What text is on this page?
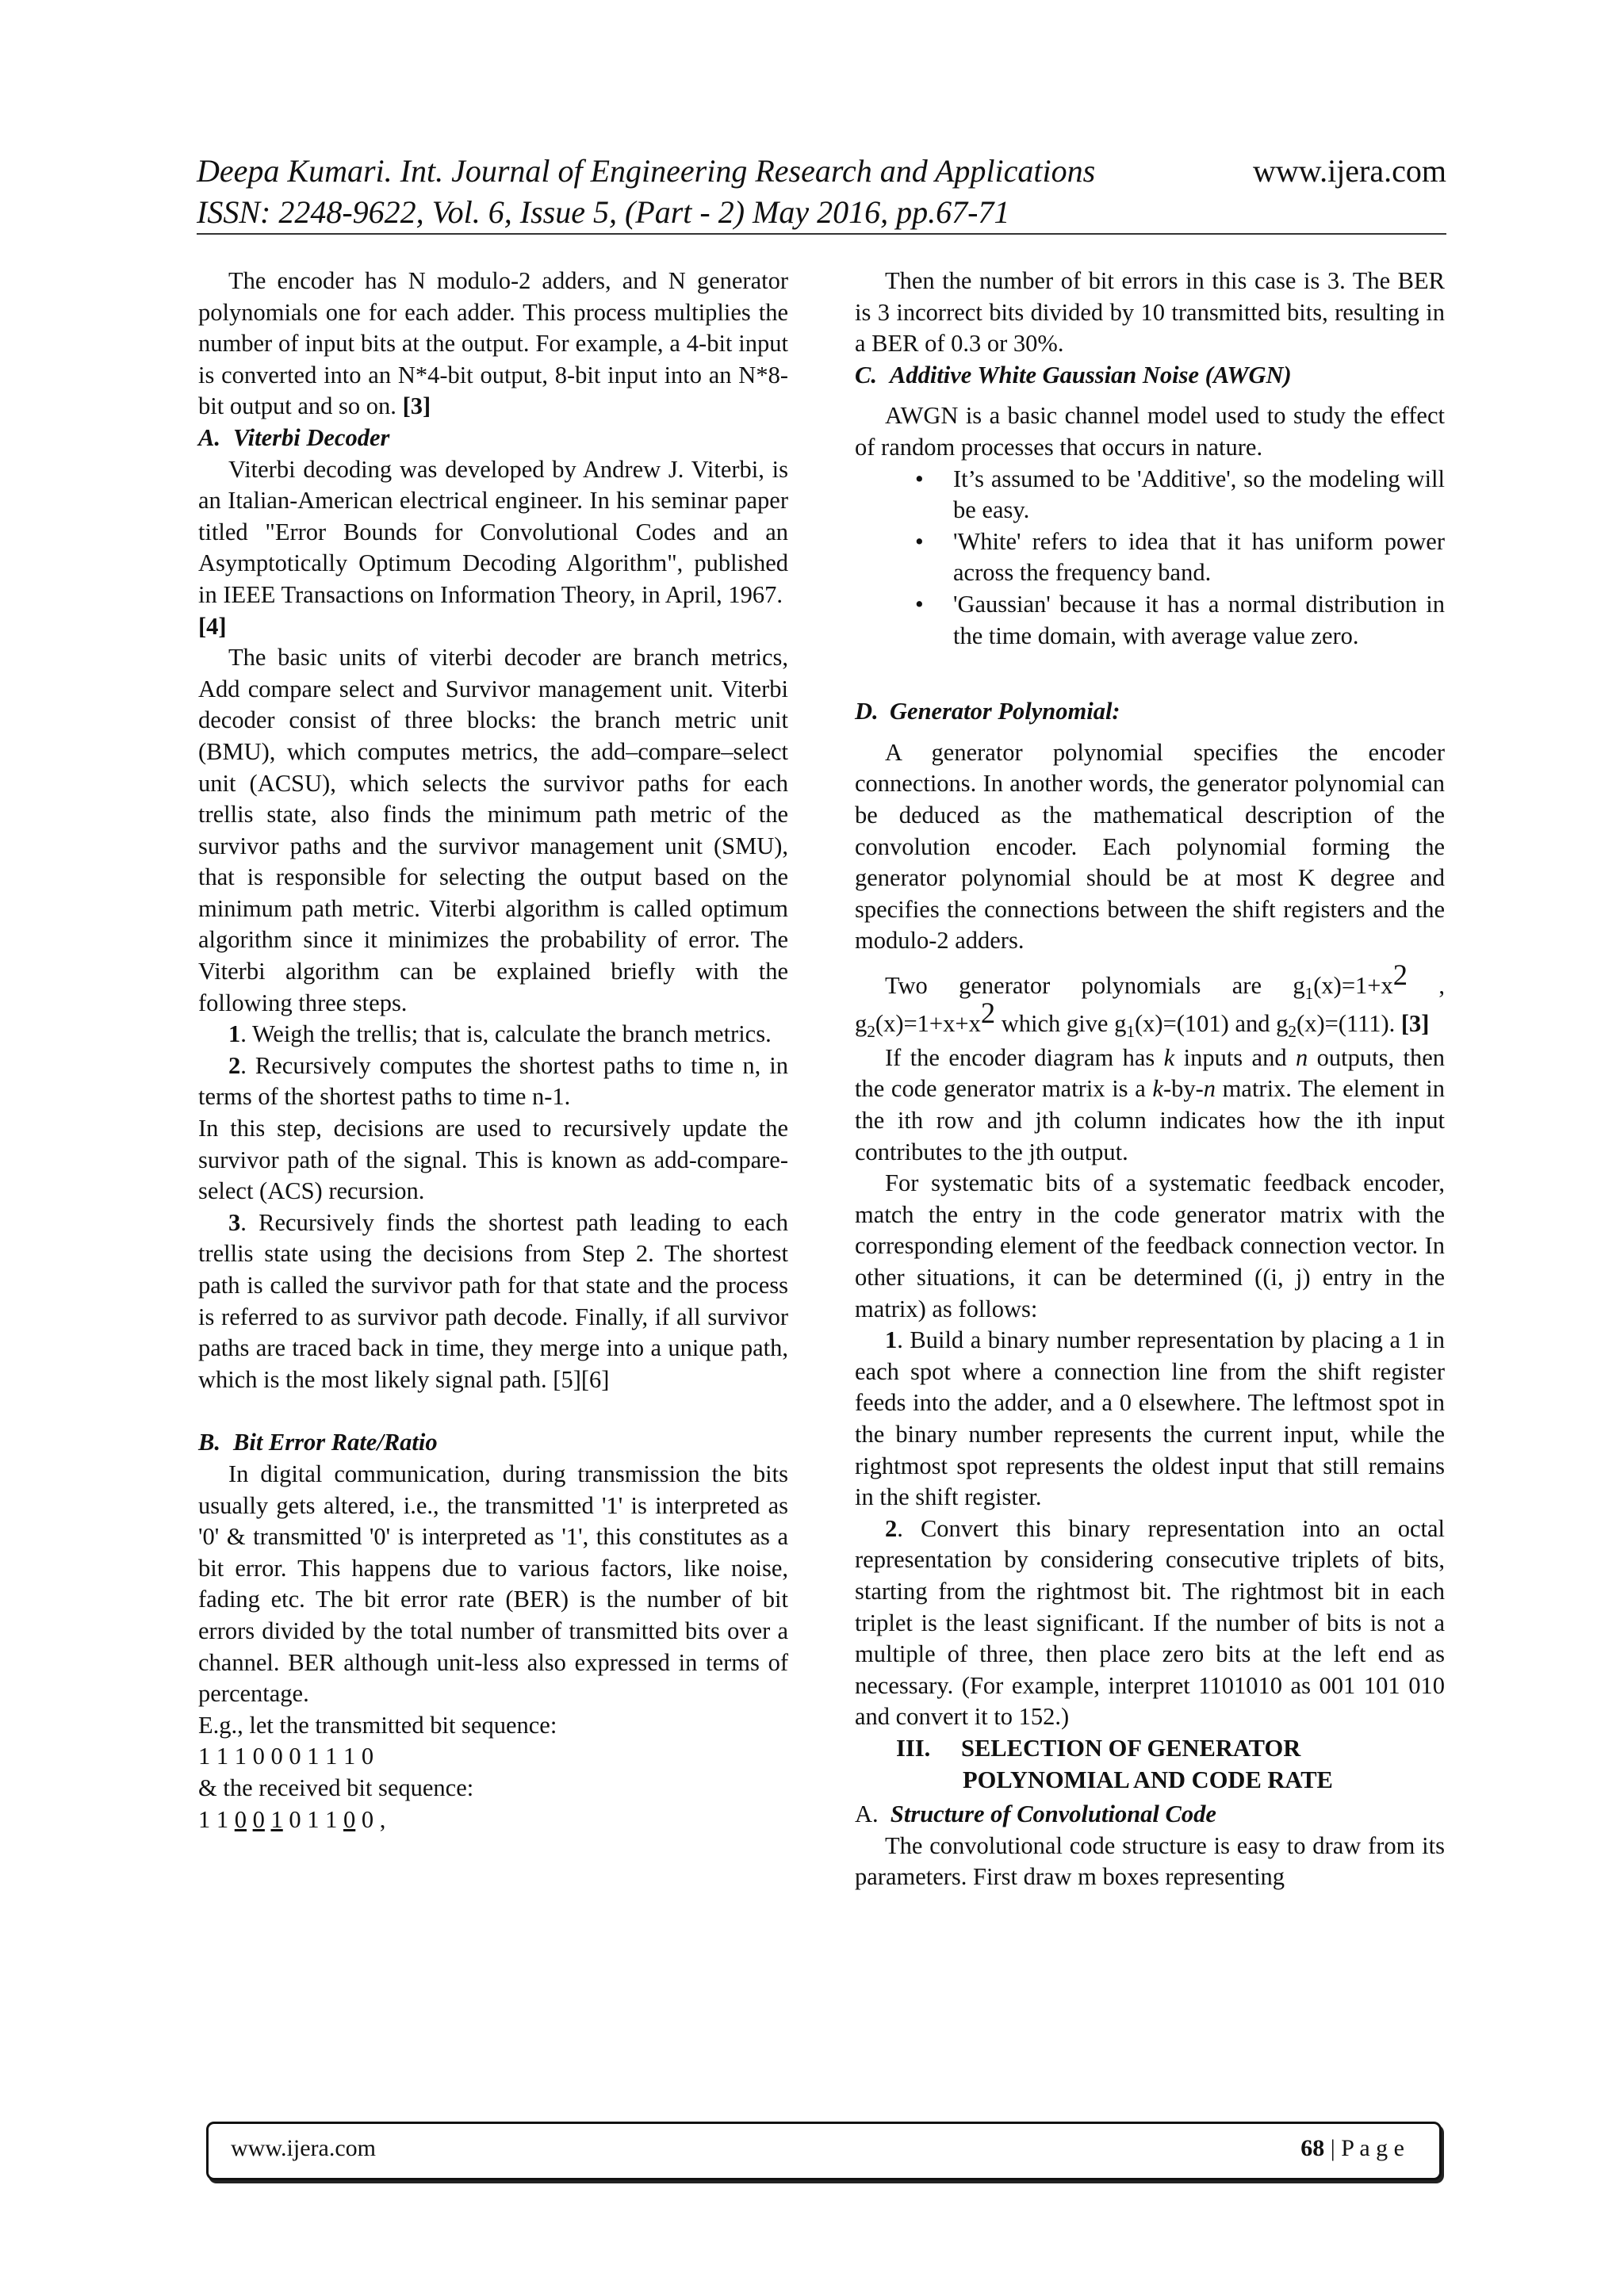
Deepa Kumari. Int. Journal of Engineering Research and Applications	www.ijera.com
ISSN: 2248-9622, Vol. 6, Issue 5, (Part - 2) May 2016, pp.67-71

The encoder has N modulo-2 adders, and N generator polynomials one for each adder. This process multiplies the number of input bits at the output. For example, a 4-bit input is converted into an N*4-bit output, 8-bit input into an N*8- bit output and so on. [3]

A. Viterbi Decoder

Viterbi decoding was developed by Andrew J. Viterbi, is an Italian-American electrical engineer. In his seminar paper titled "Error Bounds for Convolutional Codes and an Asymptotically Optimum Decoding Algorithm", published in IEEE Transactions on Information Theory, in April, 1967.
[4]

The basic units of viterbi decoder are branch metrics, Add compare select and Survivor management unit. Viterbi decoder consist of three blocks: the branch metric unit (BMU), which computes metrics, the add–compare–select unit (ACSU), which selects the survivor paths for each trellis state, also finds the minimum path metric of the survivor paths and the survivor management unit (SMU), that is responsible for selecting the output based on the minimum path metric. Viterbi algorithm is called optimum algorithm since it minimizes the probability of error. The Viterbi algorithm can be explained briefly with the following three steps.

1. Weigh the trellis; that is, calculate the branch metrics.

2. Recursively computes the shortest paths to time n, in terms of the shortest paths to time n-1.

In this step, decisions are used to recursively update the survivor path of the signal. This is known as add-compare-select (ACS) recursion.

3. Recursively finds the shortest path leading to each trellis state using the decisions from Step 2. The shortest path is called the survivor path for that state and the process is referred to as survivor path decode. Finally, if all survivor paths are traced back in time, they merge into a unique path, which is the most likely signal path. [5][6]

B. Bit Error Rate/Ratio

In digital communication, during transmission the bits usually gets altered, i.e., the transmitted '1' is interpreted as '0' & transmitted '0' is interpreted as '1', this constitutes as a bit error. This happens due to various factors, like noise, fading etc. The bit error rate (BER) is the number of bit errors divided by the total number of transmitted bits over a channel. BER although unit-less also expressed in terms of percentage.

E.g., let the transmitted bit sequence:

1 1 1 0 0 0 1 1 1 0

& the received bit sequence:

1 1 0 0 1 0 1 1 0 0 ,

Then the number of bit errors in this case is 3. The BER is 3 incorrect bits divided by 10 transmitted bits, resulting in a BER of 0.3 or 30%.

C. Additive White Gaussian Noise (AWGN)

AWGN is a basic channel model used to study the effect of random processes that occurs in nature.

• It’s assumed to be 'Additive', so the modeling will be easy.
• 'White' refers to idea that it has uniform power across the frequency band.
• 'Gaussian' because it has a normal distribution in the time domain, with average value zero.

D. Generator Polynomial:

A generator polynomial specifies the encoder connections. In another words, the generator polynomial can be deduced as the mathematical description of the convolution encoder. Each polynomial forming the generator polynomial should be at most K degree and specifies the connections between the shift registers and the modulo-2 adders.

Two generator polynomials are $g_1(x)=1+x2$ , $g_2(x)=1+x+x2$ which give $g_1(x)=(101)$ and $g_2(x)=(111)$. [3]

If the encoder diagram has k inputs and n outputs, then the code generator matrix is a k-by-n matrix. The element in the ith row and jth column indicates how the ith input contributes to the jth output.

For systematic bits of a systematic feedback encoder, match the entry in the code generator matrix with the corresponding element of the feedback connection vector. In other situations, it can be determined ((i, j) entry in the matrix) as follows:

1. Build a binary number representation by placing a 1 in each spot where a connection line from the shift register feeds into the adder, and a 0 elsewhere. The leftmost spot in the binary number represents the current input, while the rightmost spot represents the oldest input that still remains in the shift register.

2. Convert this binary representation into an octal representation by considering consecutive triplets of bits, starting from the rightmost bit. The rightmost bit in each triplet is the least significant. If the number of bits is not a multiple of three, then place zero bits at the left end as necessary. (For example, interpret 1101010 as 001 101 010 and convert it to 152.)

III. SELECTION OF GENERATOR
POLYNOMIAL AND CODE RATE

A. Structure of Convolutional Code

The convolutional code structure is easy to draw from its parameters. First draw m boxes representing

www.ijera.com	68 | P a g e
